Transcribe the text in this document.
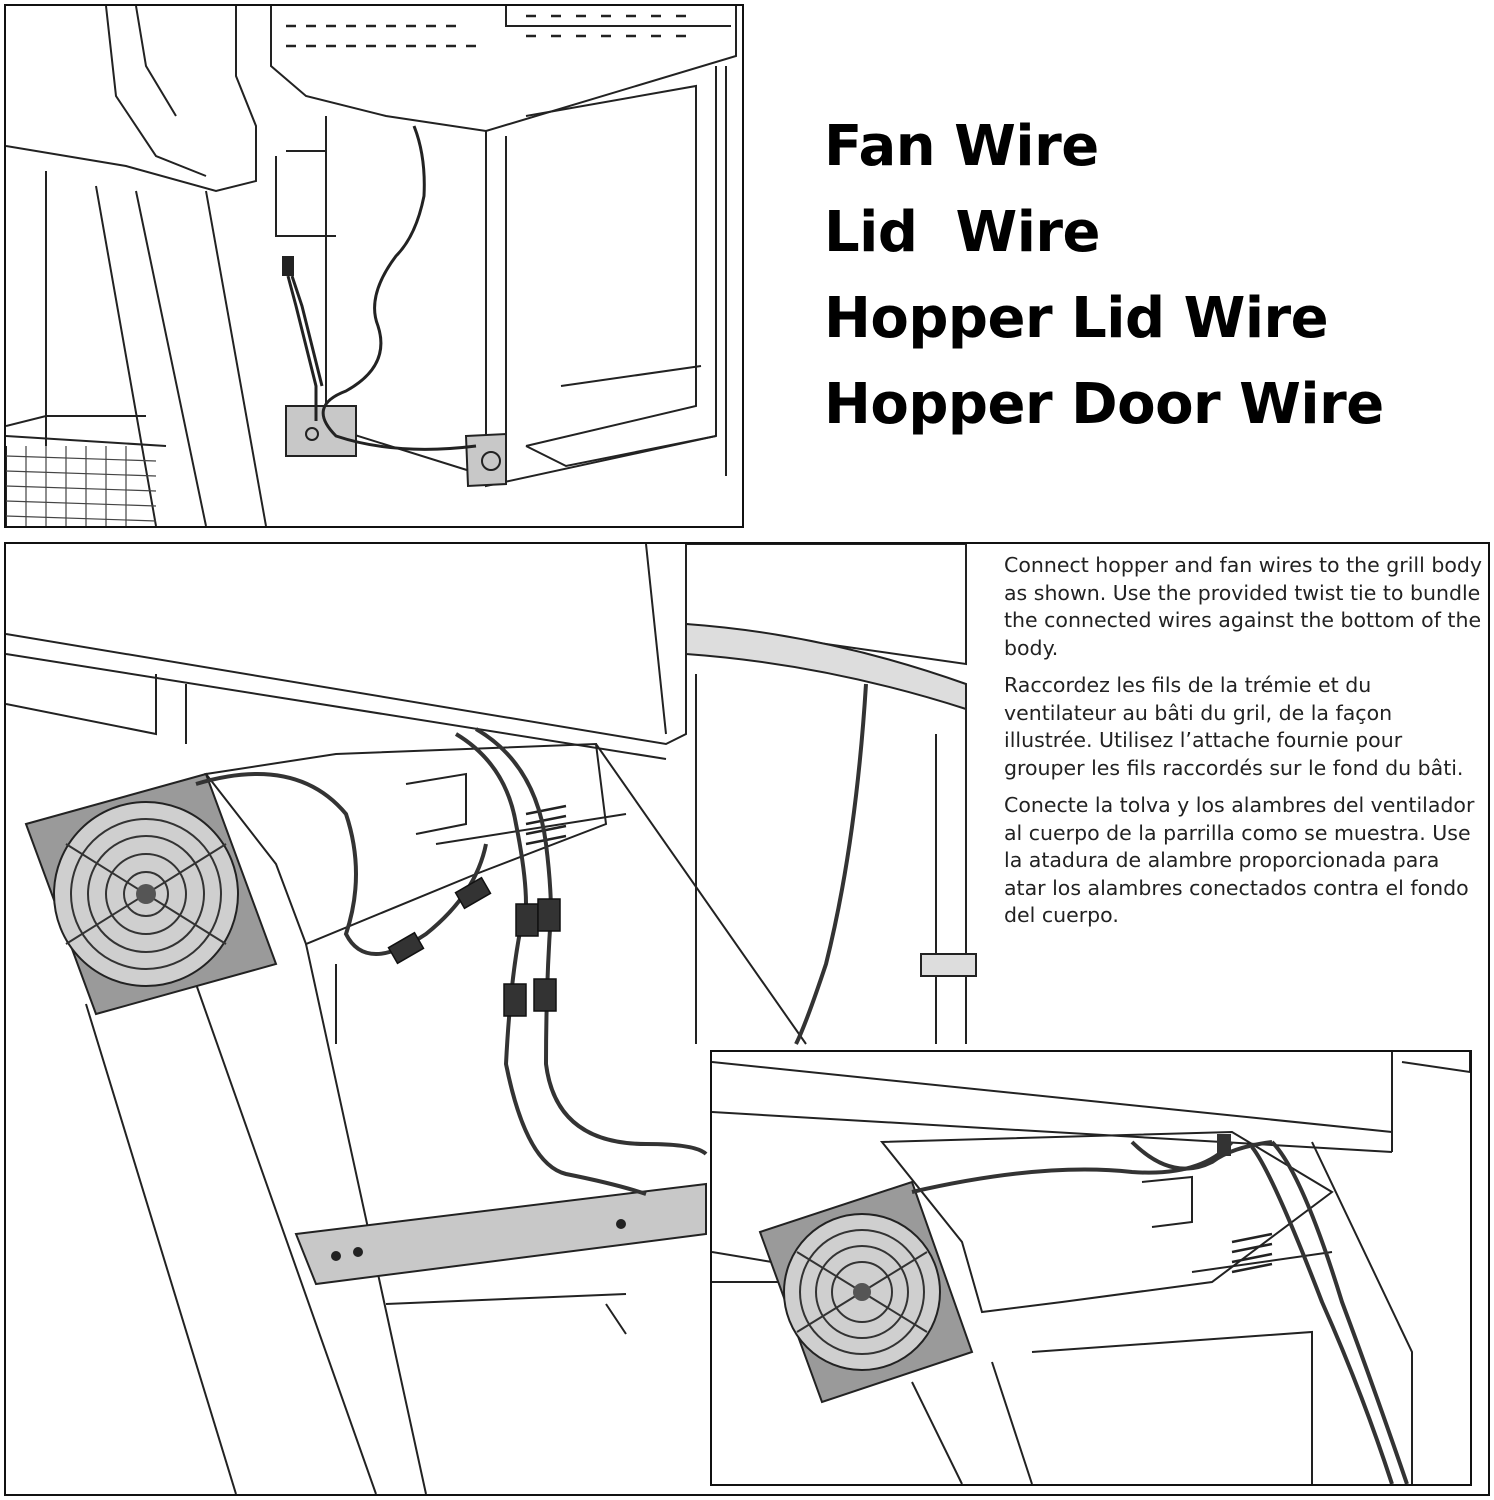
Fan Wire
Lid  Wire
Hopper Lid Wire
Hopper Door Wire

Connect hopper and fan wires to the grill body as shown. Use the provided twist tie to bundle the connected wires against the bottom of the body.

Raccordez les fils de la trémie et du ventilateur au bâti du gril, de la façon illustrée. Utilisez l’attache fournie pour grouper les fils raccordés sur le fond du bâti.

Conecte la tolva y los alambres del ventilador al cuerpo de la parrilla como se muestra. Use la atadura de alambre proporcionada para atar los alambres conectados contra el fondo del cuerpo.
